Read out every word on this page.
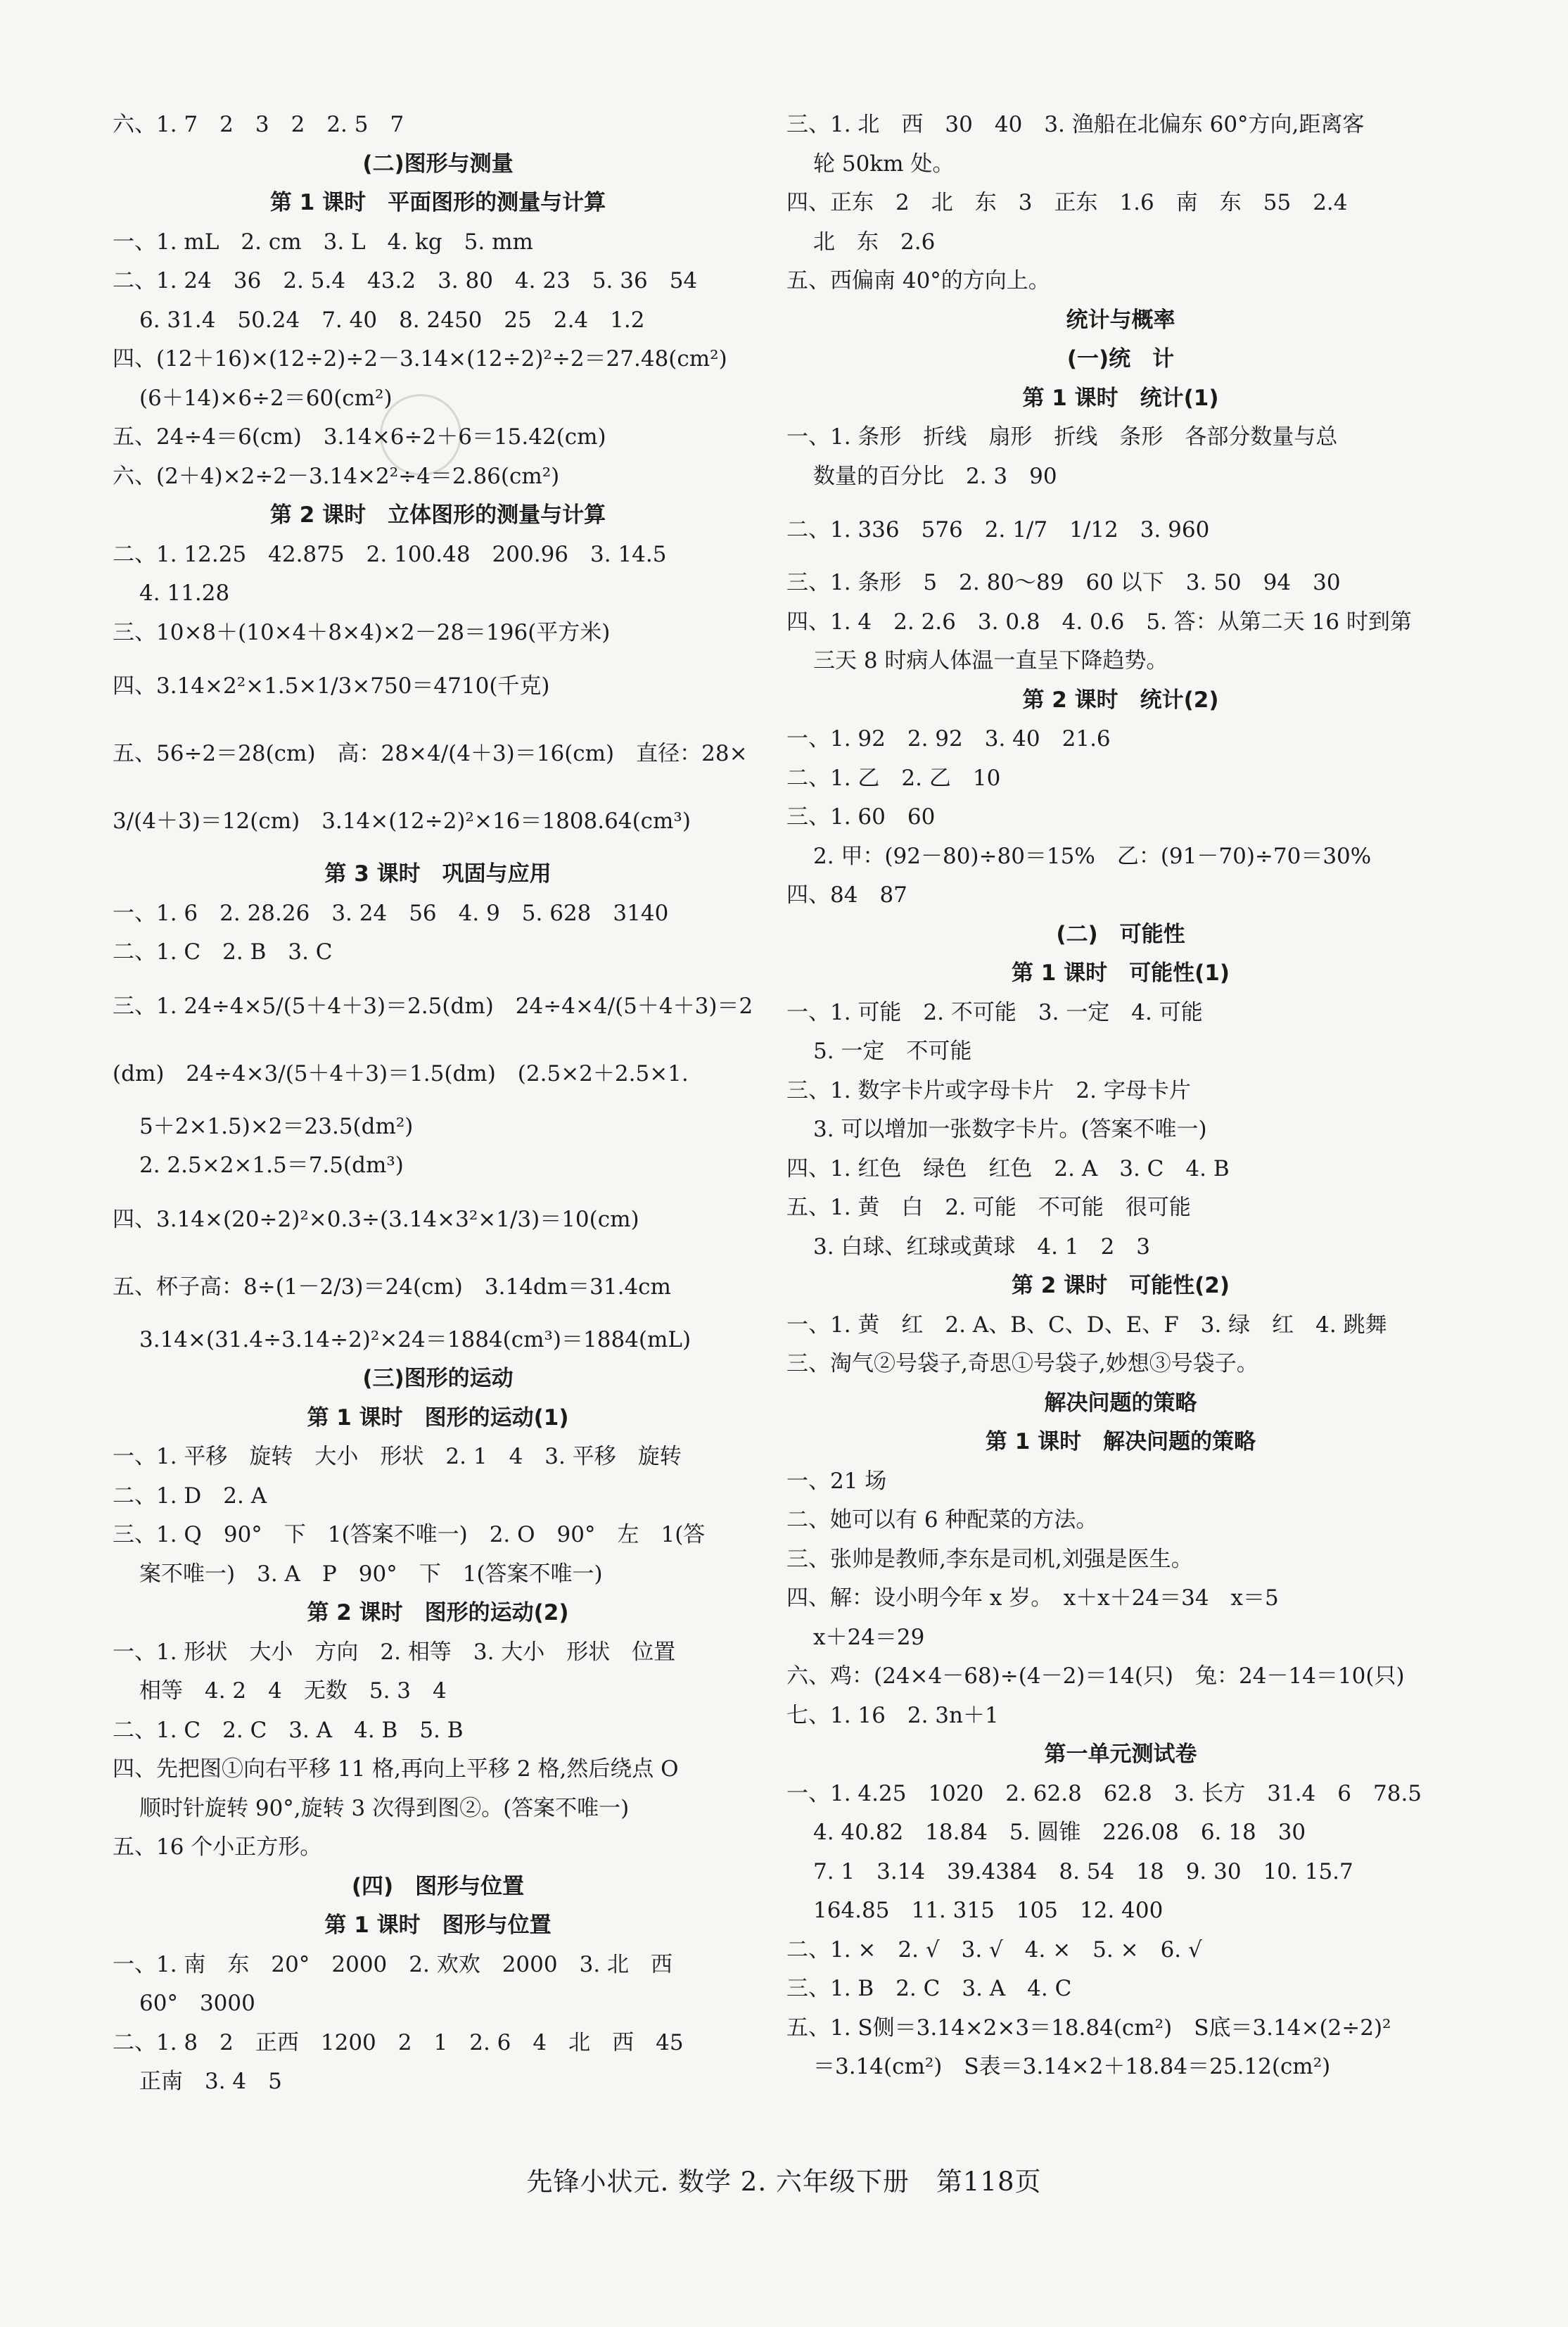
六、1. 7　2　3　2　2. 5　7
(二)图形与测量
第 1 课时　平面图形的测量与计算
一、1. mL　2. cm　3. L　4. kg　5. mm
二、1. 24　36　2. 5.4　43.2　3. 80　4. 23　5. 36　54
6. 31.4　50.24　7. 40　8. 2450　25　2.4　1.2
四、(12＋16)×(12÷2)÷2－3.14×(12÷2)²÷2＝27.48(cm²)
(6＋14)×6÷2＝60(cm²)
五、24÷4＝6(cm)　3.14×6÷2＋6＝15.42(cm)
六、(2＋4)×2÷2－3.14×2²÷4＝2.86(cm²)
第 2 课时　立体图形的测量与计算
二、1. 12.25　42.875　2. 100.48　200.96　3. 14.5
4. 11.28
三、10×8＋(10×4＋8×4)×2－28＝196(平方米)
四、3.14×2²×1.5×1/3×750＝4710(千克)
五、56÷2＝28(cm)　高：28×4/(4＋3)＝16(cm)　直径：28×
3/(4＋3)＝12(cm)　3.14×(12÷2)²×16＝1808.64(cm³)
第 3 课时　巩固与应用
一、1. 6　2. 28.26　3. 24　56　4. 9　5. 628　3140
二、1. C　2. B　3. C
三、1. 24÷4×5/(5＋4＋3)＝2.5(dm)　24÷4×4/(5＋4＋3)＝2
(dm)　24÷4×3/(5＋4＋3)＝1.5(dm)　(2.5×2＋2.5×1.
5＋2×1.5)×2＝23.5(dm²)
2. 2.5×2×1.5＝7.5(dm³)
四、3.14×(20÷2)²×0.3÷(3.14×3²×1/3)＝10(cm)
五、杯子高：8÷(1－2/3)＝24(cm)　3.14dm＝31.4cm
3.14×(31.4÷3.14÷2)²×24＝1884(cm³)＝1884(mL)
(三)图形的运动
第 1 课时　图形的运动(1)
一、1. 平移　旋转　大小　形状　2. 1　4　3. 平移　旋转
二、1. D　2. A
三、1. Q　90°　下　1(答案不唯一)　2. O　90°　左　1(答
案不唯一)　3. A　P　90°　下　1(答案不唯一)
第 2 课时　图形的运动(2)
一、1. 形状　大小　方向　2. 相等　3. 大小　形状　位置
相等　4. 2　4　无数　5. 3　4
二、1. C　2. C　3. A　4. B　5. B
四、先把图①向右平移 11 格,再向上平移 2 格,然后绕点 O
顺时针旋转 90°,旋转 3 次得到图②。(答案不唯一)
五、16 个小正方形。
(四)　图形与位置
第 1 课时　图形与位置
一、1. 南　东　20°　2000　2. 欢欢　2000　3. 北　西
60°　3000
二、1. 8　2　正西　1200　2　1　2. 6　4　北　西　45
正南　3. 4　5
三、1. 北　西　30　40　3. 渔船在北偏东 60°方向,距离客
轮 50km 处。
四、正东　2　北　东　3　正东　1.6　南　东　55　2.4
北　东　2.6
五、西偏南 40°的方向上。
统计与概率
(一)统　计
第 1 课时　统计(1)
一、1. 条形　折线　扇形　折线　条形　各部分数量与总
数量的百分比　2. 3　90
二、1. 336　576　2. 1/7　1/12　3. 960
三、1. 条形　5　2. 80～89　60 以下　3. 50　94　30
四、1. 4　2. 2.6　3. 0.8　4. 0.6　5. 答：从第二天 16 时到第
三天 8 时病人体温一直呈下降趋势。
第 2 课时　统计(2)
一、1. 92　2. 92　3. 40　21.6
二、1. 乙　2. 乙　10
三、1. 60　60
2. 甲：(92－80)÷80＝15%　乙：(91－70)÷70＝30%
四、84　87
(二)　可能性
第 1 课时　可能性(1)
一、1. 可能　2. 不可能　3. 一定　4. 可能
5. 一定　不可能
三、1. 数字卡片或字母卡片　2. 字母卡片
3. 可以增加一张数字卡片。(答案不唯一)
四、1. 红色　绿色　红色　2. A　3. C　4. B
五、1. 黄　白　2. 可能　不可能　很可能
3. 白球、红球或黄球　4. 1　2　3
第 2 课时　可能性(2)
一、1. 黄　红　2. A、B、C、D、E、F　3. 绿　红　4. 跳舞
三、淘气②号袋子,奇思①号袋子,妙想③号袋子。
解决问题的策略
第 1 课时　解决问题的策略
一、21 场
二、她可以有 6 种配菜的方法。
三、张帅是教师,李东是司机,刘强是医生。
四、解：设小明今年 x 岁。　x＋x＋24＝34　x＝5
x＋24＝29
六、鸡：(24×4－68)÷(4－2)＝14(只)　兔：24－14＝10(只)
七、1. 16　2. 3n＋1
第一单元测试卷
一、1. 4.25　1020　2. 62.8　62.8　3. 长方　31.4　6　78.5
4. 40.82　18.84　5. 圆锥　226.08　6. 18　30
7. 1　3.14　39.4384　8. 54　18　9. 30　10. 15.7
164.85　11. 315　105　12. 400
二、1. ×　2. √　3. √　4. ×　5. ×　6. √
三、1. B　2. C　3. A　4. C
五、1. S侧＝3.14×2×3＝18.84(cm²)　S底＝3.14×(2÷2)²
＝3.14(cm²)　S表＝3.14×2＋18.84＝25.12(cm²)
先锋小状元. 数学 2. 六年级下册　第118页
